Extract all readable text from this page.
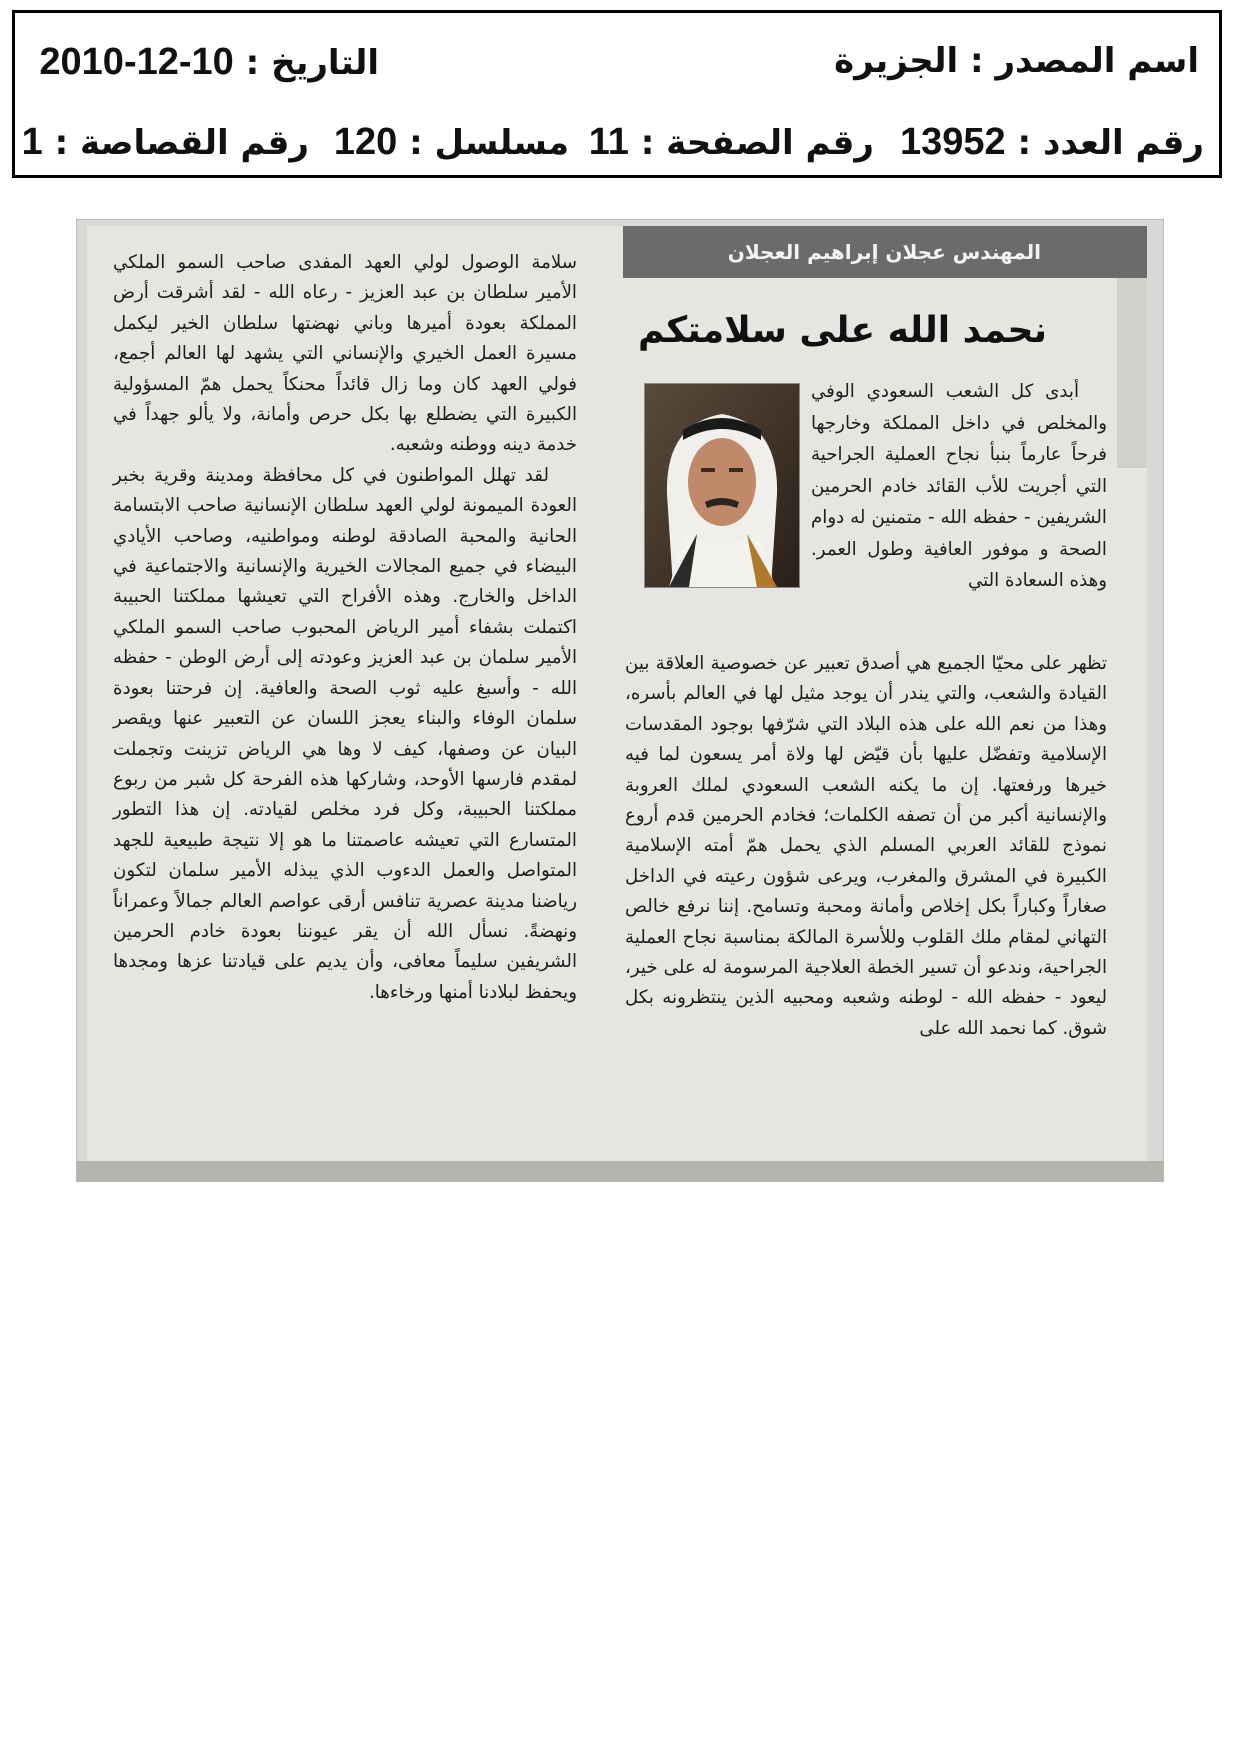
اسم المصدر : الجزيرة
التاريخ : 10-12-2010
رقم العدد : 13952
رقم الصفحة : 11
مسلسل : 120
رقم القصاصة : 1
المهندس عجلان إبراهيم العجلان
نحمد الله على سلامتكم

أبدى كل الشعب السعودي الوفي والمخلص في داخل المملكة وخارجها فرحاً عارماً بنبأ نجاح العملية الجراحية التي أجريت للأب القائد خادم الحرمين الشريفين - حفظه الله - متمنين له دوام الصحة و موفور العافية وطول العمر. وهذه السعادة التي

تظهر على محيّا الجميع هي أصدق تعبير عن خصوصية العلاقة بين القيادة والشعب، والتي يندر أن يوجد مثيل لها في العالم بأسره، وهذا من نعم الله على هذه البلاد التي شرّفها بوجود المقدسات الإسلامية وتفضّل عليها بأن قيّض لها ولاة أمر يسعون لما فيه خيرها ورفعتها. إن ما يكنه الشعب السعودي لملك العروبة والإنسانية أكبر من أن تصفه الكلمات؛ فخادم الحرمين قدم أروع نموذج للقائد العربي المسلم الذي يحمل همّ أمته الإسلامية الكبيرة في المشرق والمغرب، ويرعى شؤون رعيته في الداخل صغاراً وكباراً بكل إخلاص وأمانة ومحبة وتسامح. إننا نرفع خالص التهاني لمقام ملك القلوب وللأسرة المالكة بمناسبة نجاح العملية الجراحية، وندعو أن تسير الخطة العلاجية المرسومة له على خير، ليعود - حفظه الله - لوطنه وشعبه ومحبيه الذين ينتظرونه بكل شوق. كما نحمد الله على

سلامة الوصول لولي العهد المفدى صاحب السمو الملكي الأمير سلطان بن عبد العزيز - رعاه الله - لقد أشرقت أرض المملكة بعودة أميرها وباني نهضتها سلطان الخير ليكمل مسيرة العمل الخيري والإنساني التي يشهد لها العالم أجمع، فولي العهد كان وما زال قائداً محنكاً يحمل همّ المسؤولية الكبيرة التي يضطلع بها بكل حرص وأمانة، ولا يألو جهداً في خدمة دينه ووطنه وشعبه.

لقد تهلل المواطنون في كل محافظة ومدينة وقرية بخبر العودة الميمونة لولي العهد سلطان الإنسانية صاحب الابتسامة الحانية والمحبة الصادقة لوطنه ومواطنيه، وصاحب الأيادي البيضاء في جميع المجالات الخيرية والإنسانية والاجتماعية في الداخل والخارج. وهذه الأفراح التي تعيشها مملكتنا الحبيبة اكتملت بشفاء أمير الرياض المحبوب صاحب السمو الملكي الأمير سلمان بن عبد العزيز وعودته إلى أرض الوطن - حفظه الله - وأسبغ عليه ثوب الصحة والعافية. إن فرحتنا بعودة سلمان الوفاء والبناء يعجز اللسان عن التعبير عنها ويقصر البيان عن وصفها، كيف لا وها هي الرياض تزينت وتجملت لمقدم فارسها الأوحد، وشاركها هذه الفرحة كل شبر من ربوع مملكتنا الحبيبة، وكل فرد مخلص لقيادته. إن هذا التطور المتسارع التي تعيشه عاصمتنا ما هو إلا نتيجة طبيعية للجهد المتواصل والعمل الدءوب الذي يبذله الأمير سلمان لتكون رياضنا مدينة عصرية تنافس أرقى عواصم العالم جمالاً وعمراناً ونهضةً. نسأل الله أن يقر عيوننا بعودة خادم الحرمين الشريفين سليماً معافى، وأن يديم على قيادتنا عزها ومجدها ويحفظ لبلادنا أمنها ورخاءها.
